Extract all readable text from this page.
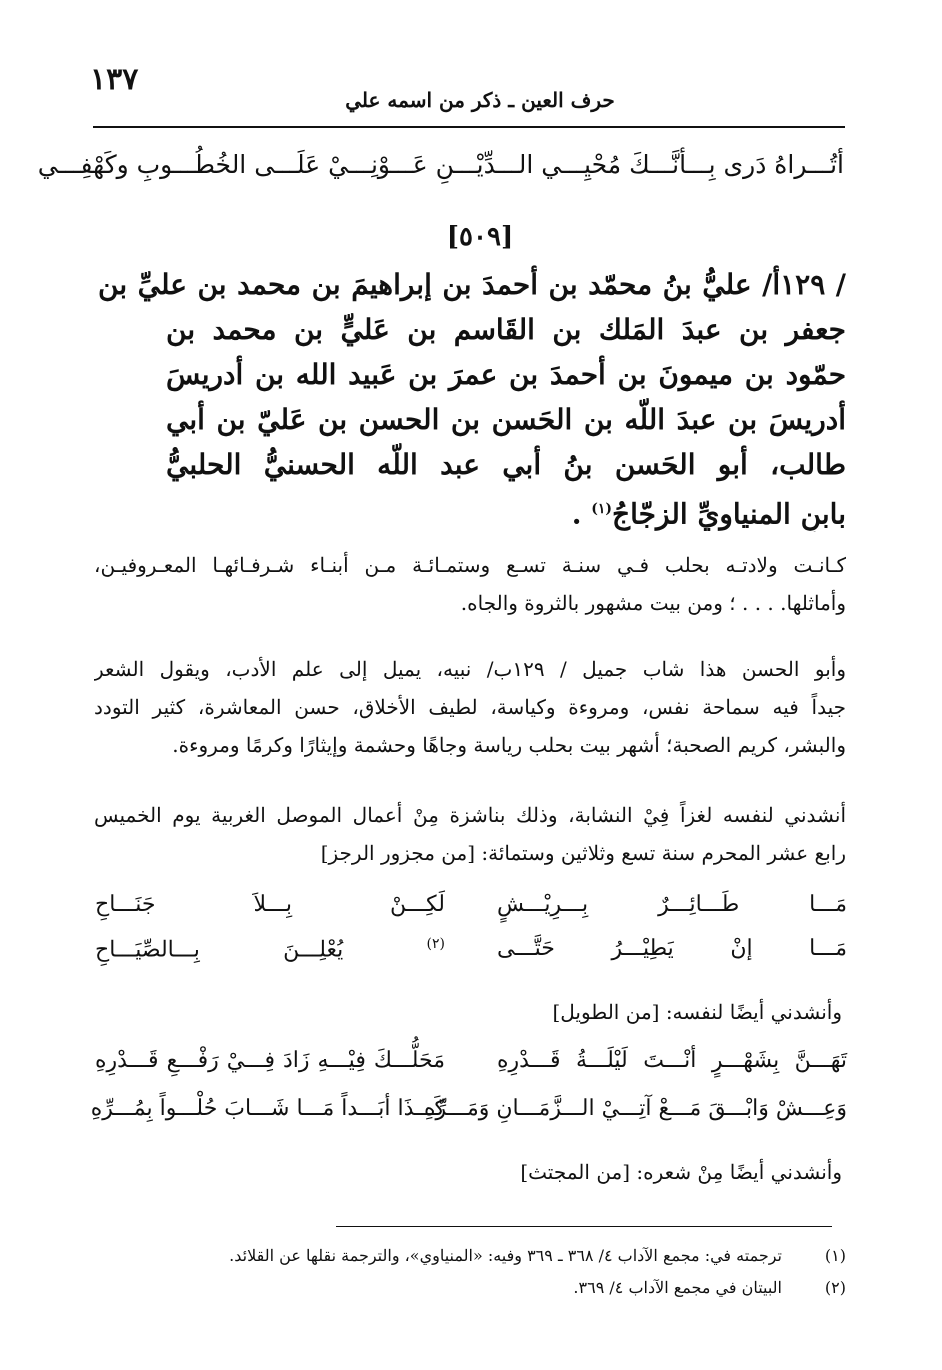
١٣٧
حرف العين ـ ذكر من اسمه علي
أتُـــراهُ دَرى بِـــأنَّـــكَ مُحْيِـــي الـــدِّيْـــنِ عَـــوْنِـــيْ عَلَـــى الخُطُـــوبِ وكَهْفِـــي
[٥٠٩]
/ ١٢٩أ/ عليُّ بنُ محمّد بن أحمدَ بن إبراهيمَ بن محمد بن عليِّ بن
جعفر بن عبدَ المَلك بن القَاسم بن عَليٍّ بن محمد بن
حمّود بن ميمونَ بن أحمدَ بن عمرَ بن عَبيد الله بن أدريسَ
أدريسَ بن عبدَ اللّه بن الحَسن بن الحسن بن عَليّ بن أبي
طالب، أبو الحَسن بنُ أبي عبد اللّه الحسنيُّ الحلبيُّ
بابنِ المنياويِّ الزجّاجُ$^{(١)}$ .
كـانـت ولادتـه بحلب فـي سنـة تسـع وستمـائـة مـن أبنـاء شـرفـائهـا المعـروفيـن،
وأماثلها. . . . ؛ ومن بيت مشهور بالثروة والجاه.
وأبو الحسن هذا شاب جميل / ١٢٩ب/ نبيه، يميل إلى علم الأدب، ويقول الشعر
جيداً فيه سماحة نفس، ومروءة وكياسة، لطيف الأخلاق، حسن المعاشرة، كثير التودد
والبشر، كريم الصحبة؛ أشهر بيت بحلب رياسة وجاهًا وحشمة وإيثارًا وكرمًا ومروءة.
أنشدني لنفسه لغزاً فِيْ النشابة، وذلك بناشزة مِنْ أعمال الموصل الغربية يوم الخميس
رابع عشر المحرم سنة تسع وثلاثين وستمائة: [من مجزور الرجز]
مَـــا طَـــائِـــرٌ بِـــرِيْـــشٍ
لَكِـــنْ بِـــلاَ جَنَـــاحِ
مَـــا إنْ يَطِيْـــرُ حَتَّـــى
$^{(٢)}$ يُعْلِـــنَ بِـــالصِّيَـــاحِ
وأنشدني أيضًا لنفسه: [من الطويل]
تَهَـــنَّ بِشَهْـــرٍ أنْـــتَ لَيْلَـــةُ قَـــدْرِهِ
مَحَلُّـــكَ فِيْـــهِ زَادَ فِـــيْ رَفْـــعِ قَـــدْرِهِ
وَعِـــشْ وَابْـــقَ مَـــعْ آتِـــيْ الـــزَّمَـــانِ وَمَـــرِّهِ
كَـــذَا أبَـــداً مَـــا شَـــابَ حُلْـــواً بِمُـــرِّهِ
وأنشدني أيضًا مِنْ شعره: [من المجتث]
(١)
ترجمته في: مجمع الآداب ٤/ ٣٦٨ ـ ٣٦٩ وفيه: «المنياوي»، والترجمة نقلها عن القلائد.
(٢)
البيتان في مجمع الآداب ٤/ ٣٦٩.
